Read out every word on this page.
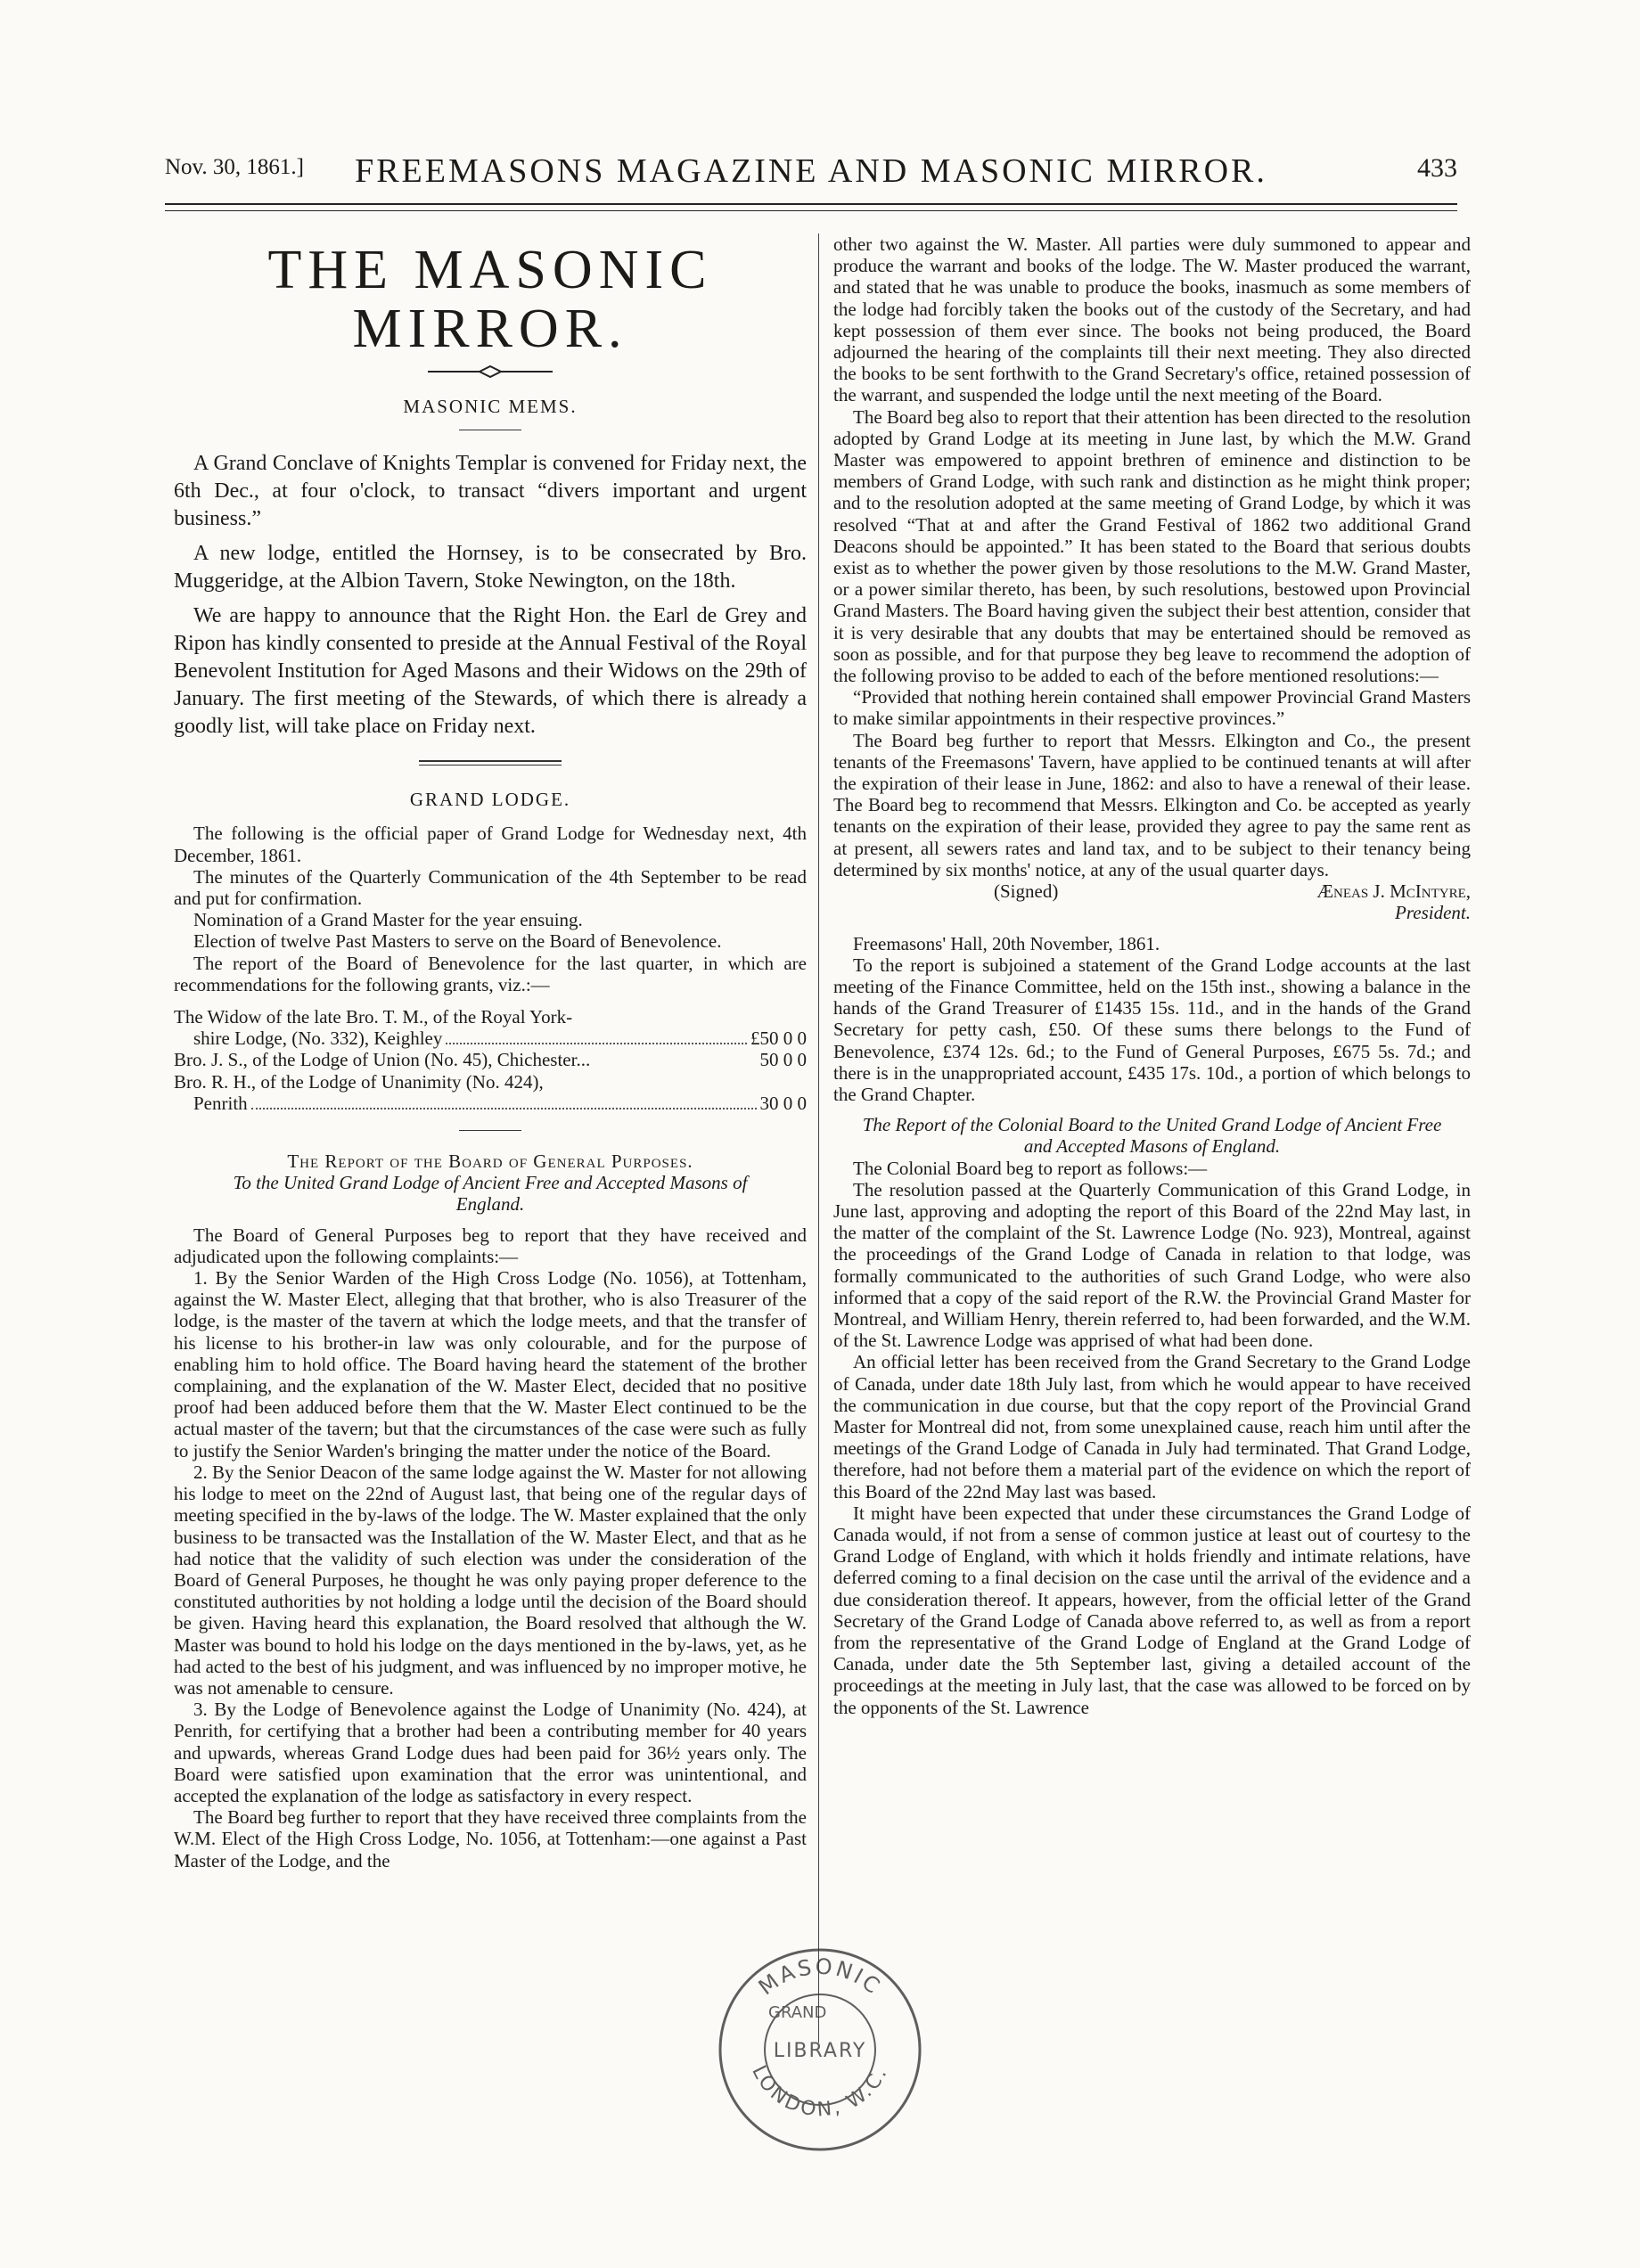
Nov. 30, 1861.]	FREEMASONS MAGAZINE AND MASONIC MIRROR.	433
THE MASONIC MIRROR.
MASONIC MEMS.

A Grand Conclave of Knights Templar is convened for Friday next, the 6th Dec., at four o'clock, to transact “divers important and urgent business.”

A new lodge, entitled the Hornsey, is to be consecrated by Bro. Muggeridge, at the Albion Tavern, Stoke Newington, on the 18th.

We are happy to announce that the Right Hon. the Earl de Grey and Ripon has kindly consented to preside at the Annual Festival of the Royal Benevolent Institution for Aged Masons and their Widows on the 29th of January. The first meeting of the Stewards, of which there is already a goodly list, will take place on Friday next.

GRAND LODGE.

The following is the official paper of Grand Lodge for Wednesday next, 4th December, 1861.

The minutes of the Quarterly Communication of the 4th September to be read and put for confirmation.

Nomination of a Grand Master for the year ensuing.

Election of twelve Past Masters to serve on the Board of Benevolence.

The report of the Board of Benevolence for the last quarter, in which are recommendations for the following grants, viz.:—

The Widow of the late Bro. T. M., of the Royal York-
shire Lodge, (No. 332), Keighley	£50 0 0
Bro. J. S., of the Lodge of Union (No. 45), Chichester...	50 0 0
Bro. R. H., of the Lodge of Unanimity (No. 424),
Penrith	30 0 0
The Report of the Board of General Purposes.
To the United Grand Lodge of Ancient Free and Accepted Masons of England.

The Board of General Purposes beg to report that they have received and adjudicated upon the following complaints:—

1. By the Senior Warden of the High Cross Lodge (No. 1056), at Tottenham, against the W. Master Elect, alleging that that brother, who is also Treasurer of the lodge, is the master of the tavern at which the lodge meets, and that the transfer of his license to his brother-in law was only colourable, and for the purpose of enabling him to hold office. The Board having heard the statement of the brother complaining, and the explanation of the W. Master Elect, decided that no positive proof had been adduced before them that the W. Master Elect continued to be the actual master of the tavern; but that the circumstances of the case were such as fully to justify the Senior Warden's bringing the matter under the notice of the Board.

2. By the Senior Deacon of the same lodge against the W. Master for not allowing his lodge to meet on the 22nd of August last, that being one of the regular days of meeting specified in the by-laws of the lodge. The W. Master explained that the only business to be transacted was the Installation of the W. Master Elect, and that as he had notice that the validity of such election was under the consideration of the Board of General Purposes, he thought he was only paying proper deference to the constituted authorities by not holding a lodge until the decision of the Board should be given. Having heard this explanation, the Board resolved that although the W. Master was bound to hold his lodge on the days mentioned in the by-laws, yet, as he had acted to the best of his judgment, and was influenced by no improper motive, he was not amenable to censure.

3. By the Lodge of Benevolence against the Lodge of Unanimity (No. 424), at Penrith, for certifying that a brother had been a contributing member for 40 years and upwards, whereas Grand Lodge dues had been paid for 36½ years only. The Board were satisfied upon examination that the error was unintentional, and accepted the explanation of the lodge as satisfactory in every respect.

The Board beg further to report that they have received three complaints from the W.M. Elect of the High Cross Lodge, No. 1056, at Tottenham:—one against a Past Master of the Lodge, and the

other two against the W. Master. All parties were duly summoned to appear and produce the warrant and books of the lodge. The W. Master produced the warrant, and stated that he was unable to produce the books, inasmuch as some members of the lodge had forcibly taken the books out of the custody of the Secretary, and had kept possession of them ever since. The books not being produced, the Board adjourned the hearing of the complaints till their next meeting. They also directed the books to be sent forthwith to the Grand Secretary's office, retained possession of the warrant, and suspended the lodge until the next meeting of the Board.

The Board beg also to report that their attention has been directed to the resolution adopted by Grand Lodge at its meeting in June last, by which the M.W. Grand Master was empowered to appoint brethren of eminence and distinction to be members of Grand Lodge, with such rank and distinction as he might think proper; and to the resolution adopted at the same meeting of Grand Lodge, by which it was resolved “That at and after the Grand Festival of 1862 two additional Grand Deacons should be appointed.” It has been stated to the Board that serious doubts exist as to whether the power given by those resolutions to the M.W. Grand Master, or a power similar thereto, has been, by such resolutions, bestowed upon Provincial Grand Masters. The Board having given the subject their best attention, consider that it is very desirable that any doubts that may be entertained should be removed as soon as possible, and for that purpose they beg leave to recommend the adoption of the following proviso to be added to each of the before mentioned resolutions:—

“Provided that nothing herein contained shall empower Provincial Grand Masters to make similar appointments in their respective provinces.”

The Board beg further to report that Messrs. Elkington and Co., the present tenants of the Freemasons' Tavern, have applied to be continued tenants at will after the expiration of their lease in June, 1862: and also to have a renewal of their lease. The Board beg to recommend that Messrs. Elkington and Co. be accepted as yearly tenants on the expiration of their lease, provided they agree to pay the same rent as at present, all sewers rates and land tax, and to be subject to their tenancy being determined by six months' notice, at any of the usual quarter days.

(Signed)	Æneas J. McIntyre,
President.

Freemasons' Hall, 20th November, 1861.

To the report is subjoined a statement of the Grand Lodge accounts at the last meeting of the Finance Committee, held on the 15th inst., showing a balance in the hands of the Grand Treasurer of £1435 15s. 11d., and in the hands of the Grand Secretary for petty cash, £50. Of these sums there belongs to the Fund of Benevolence, £374 12s. 6d.; to the Fund of General Purposes, £675 5s. 7d.; and there is in the unappropriated account, £435 17s. 10d., a portion of which belongs to the Grand Chapter.

The Report of the Colonial Board to the United Grand Lodge of Ancient Free and Accepted Masons of England.

The Colonial Board beg to report as follows:—

The resolution passed at the Quarterly Communication of this Grand Lodge, in June last, approving and adopting the report of this Board of the 22nd May last, in the matter of the complaint of the St. Lawrence Lodge (No. 923), Montreal, against the proceedings of the Grand Lodge of Canada in relation to that lodge, was formally communicated to the authorities of such Grand Lodge, who were also informed that a copy of the said report of the R.W. the Provincial Grand Master for Montreal, and William Henry, therein referred to, had been forwarded, and the W.M. of the St. Lawrence Lodge was apprised of what had been done.

An official letter has been received from the Grand Secretary to the Grand Lodge of Canada, under date 18th July last, from which he would appear to have received the communication in due course, but that the copy report of the Provincial Grand Master for Montreal did not, from some unexplained cause, reach him until after the meetings of the Grand Lodge of Canada in July had terminated. That Grand Lodge, therefore, had not before them a material part of the evidence on which the report of this Board of the 22nd May last was based.

It might have been expected that under these circumstances the Grand Lodge of Canada would, if not from a sense of common justice at least out of courtesy to the Grand Lodge of England, with which it holds friendly and intimate relations, have deferred coming to a final decision on the case until the arrival of the evidence and a due consideration thereof. It appears, however, from the official letter of the Grand Secretary of the Grand Lodge of Canada above referred to, as well as from a report from the representative of the Grand Lodge of England at the Grand Lodge of Canada, under date the 5th September last, giving a detailed account of the proceedings at the meeting in July last, that the case was allowed to be forced on by the opponents of the St. Lawrence

MASONIC
GRAND
LIBRARY
LONDON, W.C.
